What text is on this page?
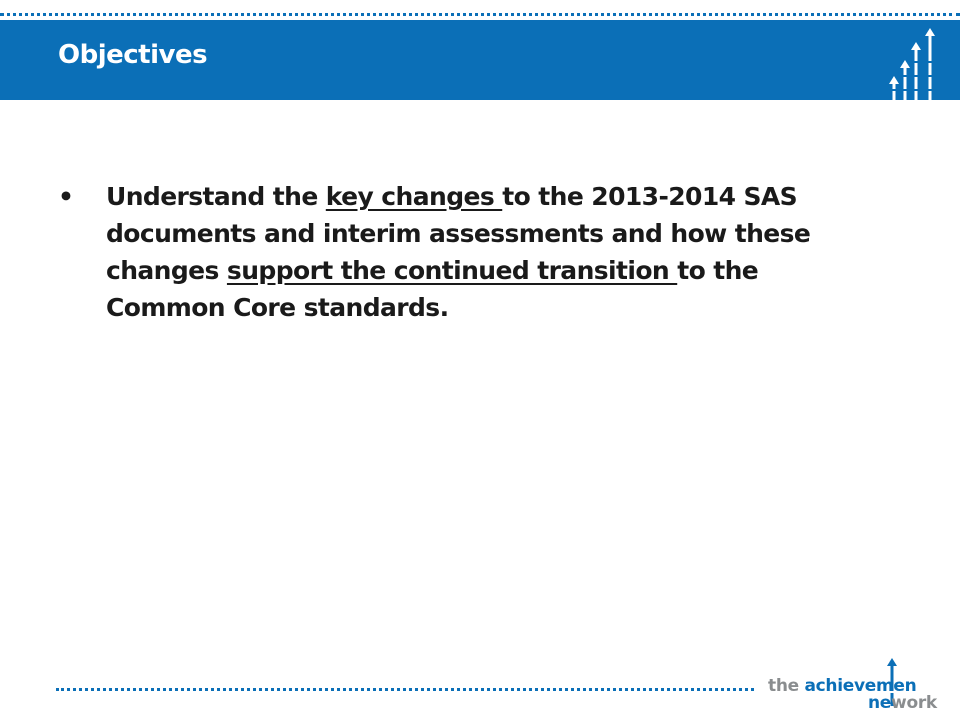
Objectives
•	Understand the key changes to the 2013-2014 SAS documents and interim assessments and how these changes support the continued transition to the Common Core standards.
the achievemen
nework
